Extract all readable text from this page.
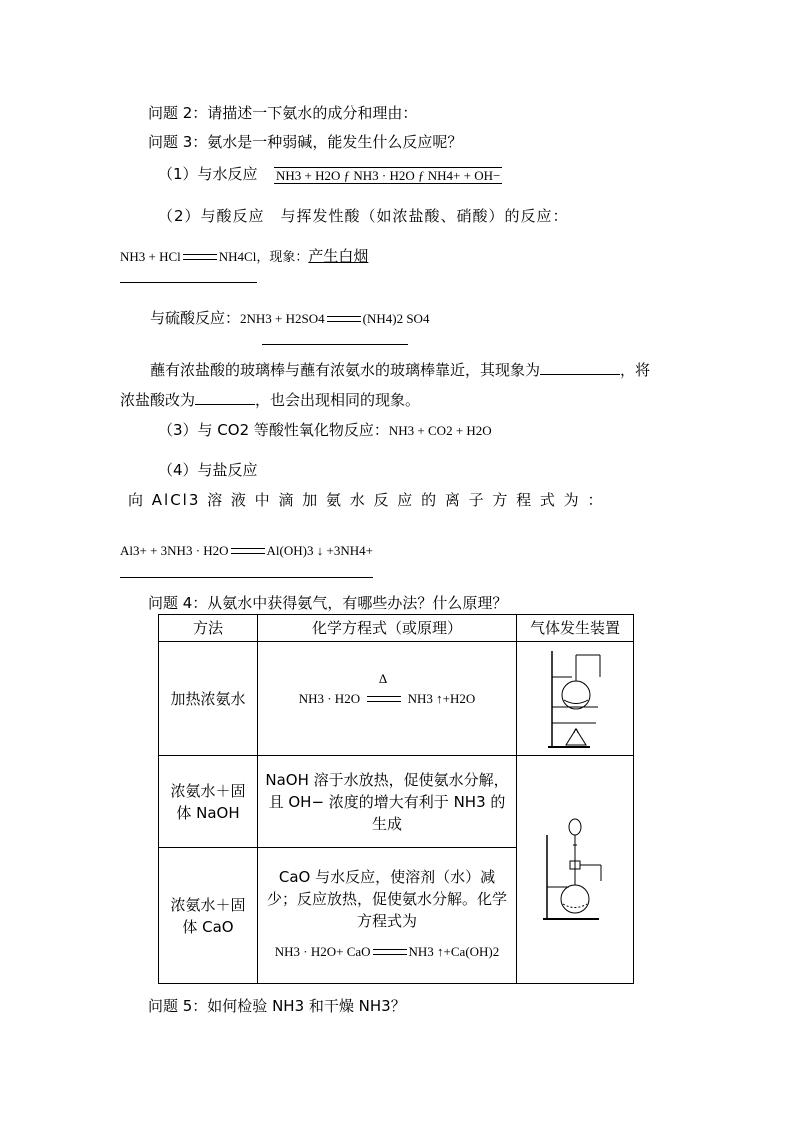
问题 2：请描述一下氨水的成分和理由：
问题 3：氨水是一种弱碱，能发生什么反应呢？
（1）与水反应 NH3 + H2O ƒ NH3 · H2O ƒ NH4+ + OH−
（2）与酸反应　与挥发性酸（如浓盐酸、硝酸）的反应：
NH3 + HCl	NH4Cl，现象：产生白烟
与硫酸反应：2NH3 + H2SO4	(NH4)2 SO4
蘸有浓盐酸的玻璃棒与蘸有浓氨水的玻璃棒靠近，其现象为	，将
浓盐酸改为	，也会出现相同的现象。
（3）与 CO2 等酸性氧化物反应：NH3 + CO2 + H2O
（4）与盐反应
向 AlCl3 溶 液 中 滴 加 氨 水 反 应 的 离 子 方 程 式 为 ：
Al3+ + 3NH3 · H2O	Al(OH)3 ↓ +3NH4+
问题 4：从氨水中获得氨气，有哪些办法？什么原理？
方法	化学方程式（或原理）	气体发生装置
加热浓氨水	NH3 · H2O
Δ
NH3 ↑+H2O	

浓氨水＋固体 NaOH	NaOH 溶于水放热，促使氨水分解，且 OH− 浓度的增大有利于 NH3 的生成

浓氨水＋固体 CaO	CaO 与水反应，使溶剂（水）减少；反应放热，促使氨水分解。化学方程式为
NH3 · H2O+ CaO NH3 ↑+Ca(OH)2	
问题 5：如何检验 NH3 和干燥 NH3？
